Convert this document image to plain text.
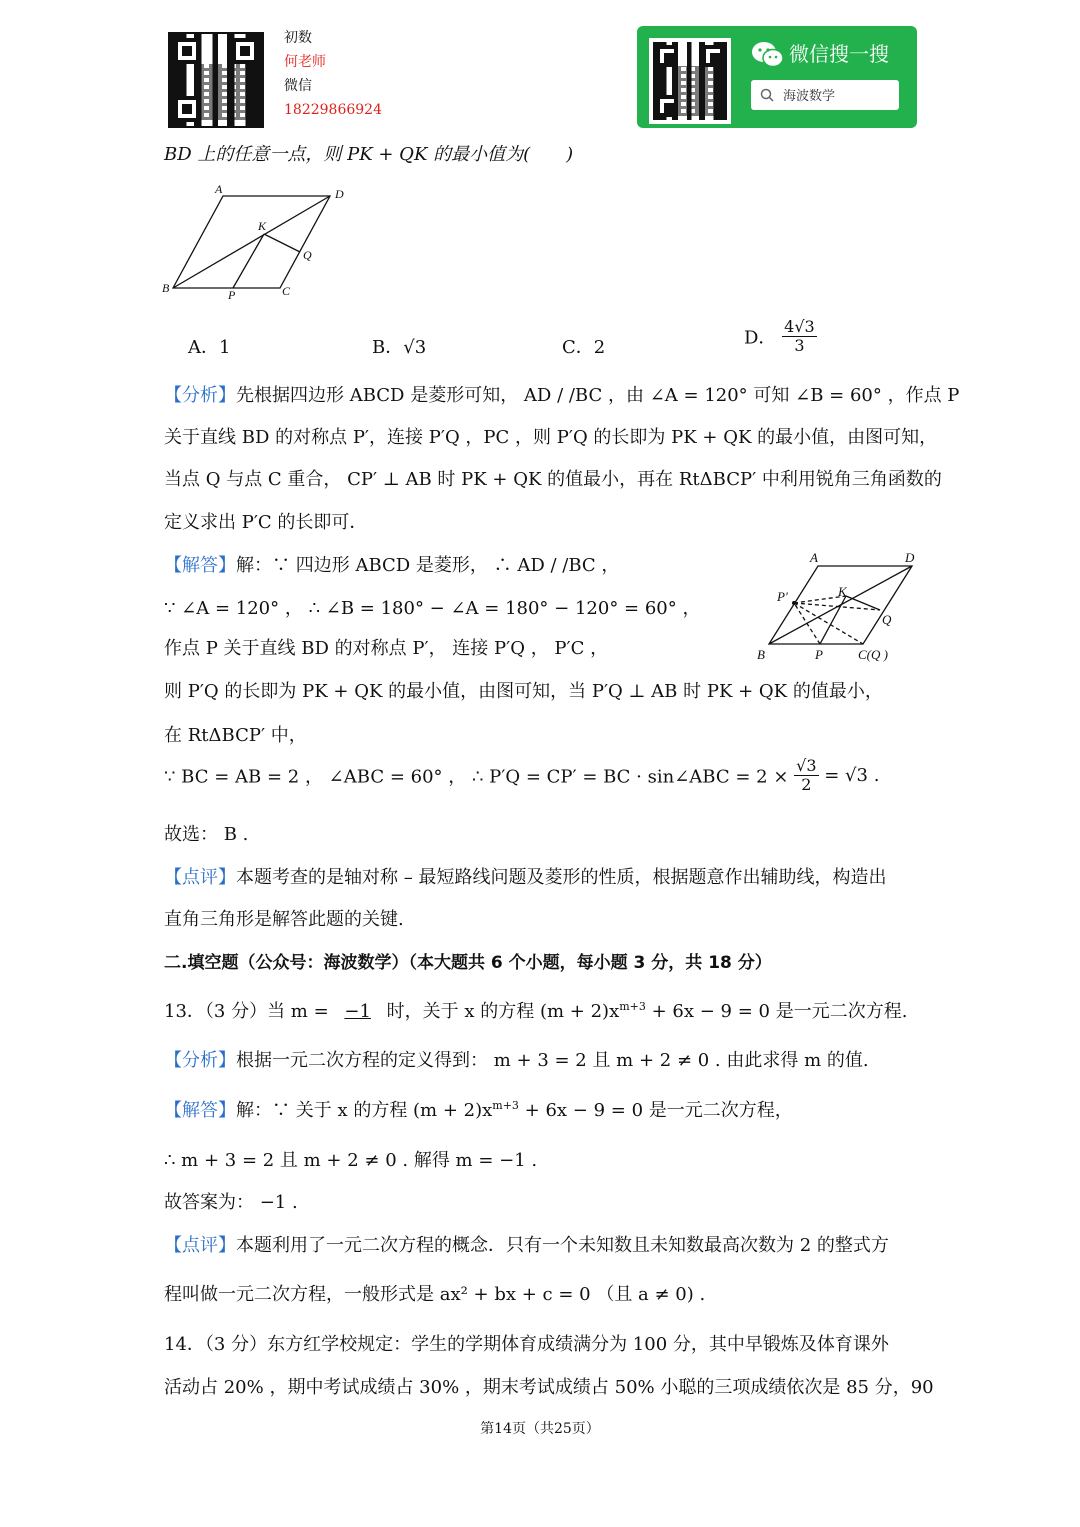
初数
何老师
微信
18229866924
微信搜一搜
海波数学
BD 上的任意一点，则 PK + QK 的最小值为(　　)
A	D
K
Q
B	P	C
A．1	B．√3	C．2	D． $\frac{4√3}{3}$
【分析】先根据四边形 ABCD 是菱形可知， AD / /BC ，由 ∠A = 120° 可知 ∠B = 60° ，作点 P
关于直线 BD 的对称点 P′，连接 P′Q ，PC ，则 P′Q 的长即为 PK + QK 的最小值，由图可知，
当点 Q 与点 C 重合， CP′ ⊥ AB 时 PK + QK 的值最小，再在 RtΔBCP′ 中利用锐角三角函数的
定义求出 P′C 的长即可．
【解答】解：∵ 四边形 ABCD 是菱形， ∴ AD / /BC ，
∵ ∠A = 120° ， ∴ ∠B = 180° − ∠A = 180° − 120° = 60° ，
作点 P 关于直线 BD 的对称点 P′， 连接 P′Q ， P′C ，
则 P′Q 的长即为 PK + QK 的最小值，由图可知，当 P′Q ⊥ AB 时 PK + QK 的值最小，
在 RtΔBCP′ 中，
∵ BC = AB = 2 ， ∠ABC = 60° ， ∴ P′Q = CP′ = BC · sin∠ABC = $2 \times \frac{√3}{2} = √3$ .
故选： B .
A	D
P′	K
Q
B	P	C(Q )
【点评】本题考查的是轴对称 – 最短路线问题及菱形的性质，根据题意作出辅助线，构造出
直角三角形是解答此题的关键.
二.填空题（公众号：海波数学）（本大题共 6 个小题，每小题 3 分，共 18 分）
13．（3 分）当 m = −1 时，关于 x 的方程 $(m + 2)x^{m+3} + 6x - 9 = 0$ 是一元二次方程.
【分析】根据一元二次方程的定义得到： m + 3 = 2 且 m + 2 ≠ 0 . 由此求得 m 的值.
【解答】解：∵ 关于 x 的方程 $(m + 2)x^{m+3} + 6x - 9 = 0$ 是一元二次方程，
∴ m + 3 = 2 且 m + 2 ≠ 0 . 解得 m = −1 .
故答案为： −1 .
【点评】本题利用了一元二次方程的概念．只有一个未知数且未知数最高次数为 2 的整式方
程叫做一元二次方程，一般形式是 ax² + bx + c = 0 （且 a ≠ 0) .
14．（3 分）东方红学校规定：学生的学期体育成绩满分为 100 分，其中早锻炼及体育课外
活动占 20% ，期中考试成绩占 30% ，期末考试成绩占 50% 小聪的三项成绩依次是 85 分，90
第14页（共25页）
